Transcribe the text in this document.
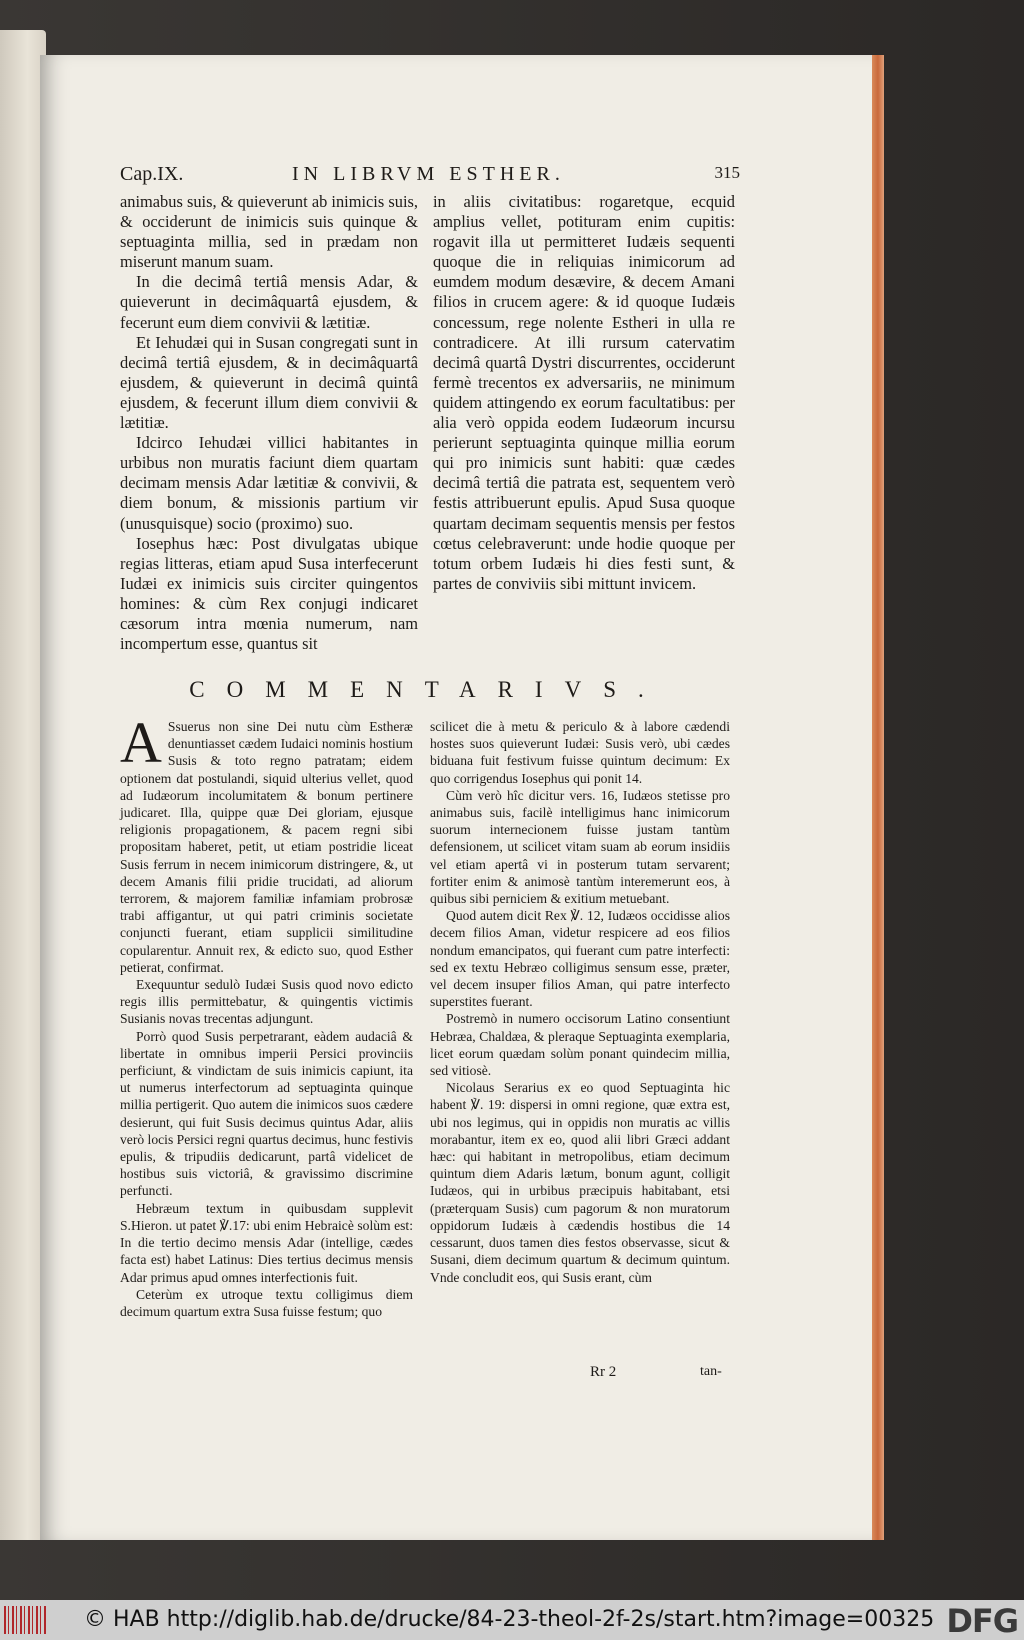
Cap.IX.	IN LIBRVM ESTHER.	315

animabus suis, & quieverunt ab inimicis suis, & occiderunt de inimicis suis quinque & septuaginta millia, sed in prædam non miserunt manum suam.

In die decimâ tertiâ mensis Adar, & quieverunt in decimâquartâ ejusdem, & fecerunt eum diem convivii & lætitiæ.

Et Iehudæi qui in Susan congregati sunt in decimâ tertiâ ejusdem, & in decimâquartâ ejusdem, & quieverunt in decimâ quintâ ejusdem, & fecerunt illum diem convivii & lætitiæ.

Idcirco Iehudæi villici habitantes in urbibus non muratis faciunt diem quartam decimam mensis Adar lætitiæ & convivii, & diem bonum, & missionis partium vir (unusquisque) socio (proximo) suo.

Iosephus hæc: Post divulgatas ubique regias litteras, etiam apud Susa interfecerunt Iudæi ex inimicis suis circiter quingentos homines: & cùm Rex conjugi indicaret cæsorum intra mœnia numerum, nam incompertum esse, quantus sit

in aliis civitatibus: rogaretque, ecquid amplius vellet, potituram enim cupitis: rogavit illa ut permitteret Iudæis sequenti quoque die in reliquias inimicorum ad eumdem modum desævire, & decem Amani filios in crucem agere: & id quoque Iudæis concessum, rege nolente Estheri in ulla re contradicere. At illi rursum catervatim decimâ quartâ Dystri discurrentes, occiderunt fermè trecentos ex adversariis, ne minimum quidem attingendo ex eorum facultatibus: per alia verò oppida eodem Iudæorum incursu perierunt septuaginta quinque millia eorum qui pro inimicis sunt habiti: quæ cædes decimâ tertiâ die patrata est, sequentem verò festis attribuerunt epulis. Apud Susa quoque quartam decimam sequentis mensis per festos cœtus celebraverunt: unde hodie quoque per totum orbem Iudæis hi dies festi sunt, & partes de conviviis sibi mittunt invicem.

COMMENTARIVS.

A Ssuerus non sine Dei nutu cùm Estheræ denuntiasset cædem Iudaici nominis hostium Susis & toto regno patratam; eidem optionem dat postulandi, siquid ulterius vellet, quod ad Iudæorum incolumitatem & bonum pertinere judicaret. Illa, quippe quæ Dei gloriam, ejusque religionis propagationem, & pacem regni sibi propositam haberet, petit, ut etiam postridie liceat Susis ferrum in necem inimicorum distringere, &, ut decem Amanis filii pridie trucidati, ad aliorum terrorem, & majorem familiæ infamiam probrosæ trabi affigantur, ut qui patri criminis societate conjuncti fuerant, etiam supplicii similitudine copularentur. Annuit rex, & edicto suo, quod Esther petierat, confirmat.

Exequuntur sedulò Iudæi Susis quod novo edicto regis illis permittebatur, & quingentis victimis Susianis novas trecentas adjungunt.

Porrò quod Susis perpetrarant, eàdem audaciâ & libertate in omnibus imperii Persici provinciis perficiunt, & vindictam de suis inimicis capiunt, ita ut numerus interfectorum ad septuaginta quinque millia pertigerit. Quo autem die inimicos suos cædere desierunt, qui fuit Susis decimus quintus Adar, aliis verò locis Persici regni quartus decimus, hunc festivis epulis, & tripudiis dedicarunt, partâ videlicet de hostibus suis victoriâ, & gravissimo discrimine perfuncti.

Hebræum textum in quibusdam supplevit S.Hieron. ut patet ℣.17: ubi enim Hebraicè solùm est: In die tertio decimo mensis Adar (intellige, cædes facta est) habet Latinus: Dies tertius decimus mensis Adar primus apud omnes interfectionis fuit.

Ceterùm ex utroque textu colligimus diem decimum quartum extra Susa fuisse festum; quo

scilicet die à metu & periculo & à labore cædendi hostes suos quieverunt Iudæi: Susis verò, ubi cædes biduana fuit festivum fuisse quintum decimum: Ex quo corrigendus Iosephus qui ponit 14.

Cùm verò hîc dicitur vers. 16, Iudæos stetisse pro animabus suis, facilè intelligimus hanc inimicorum suorum internecionem fuisse justam tantùm defensionem, ut scilicet vitam suam ab eorum insidiis vel etiam apertâ vi in posterum tutam servarent; fortiter enim & animosè tantùm interemerunt eos, à quibus sibi perniciem & exitium metuebant.

Quod autem dicit Rex ℣. 12, Iudæos occidisse alios decem filios Aman, videtur respicere ad eos filios nondum emancipatos, qui fuerant cum patre interfecti: sed ex textu Hebræo colligimus sensum esse, præter, vel decem insuper filios Aman, qui patre interfecto superstites fuerant.

Postremò in numero occisorum Latino consentiunt Hebræa, Chaldæa, & pleraque Septuaginta exemplaria, licet eorum quædam solùm ponant quindecim millia, sed vitiosè.

Nicolaus Serarius ex eo quod Septuaginta hic habent ℣. 19: dispersi in omni regione, quæ extra est, ubi nos legimus, qui in oppidis non muratis ac villis morabantur, item ex eo, quod alii libri Græci addant hæc: qui habitant in metropolibus, etiam decimum quintum diem Adaris lætum, bonum agunt, colligit Iudæos, qui in urbibus præcipuis habitabant, etsi (præterquam Susis) cum pagorum & non muratorum oppidorum Iudæis à cædendis hostibus die 14 cessarunt, duos tamen dies festos observasse, sicut & Susani, diem decimum quartum & decimum quintum. Vnde concludit eos, qui Susis erant, cùm

Rr 2	tan-
© HAB http://diglib.hab.de/drucke/84-23-theol-2f-2s/start.htm?image=00325 DFG
